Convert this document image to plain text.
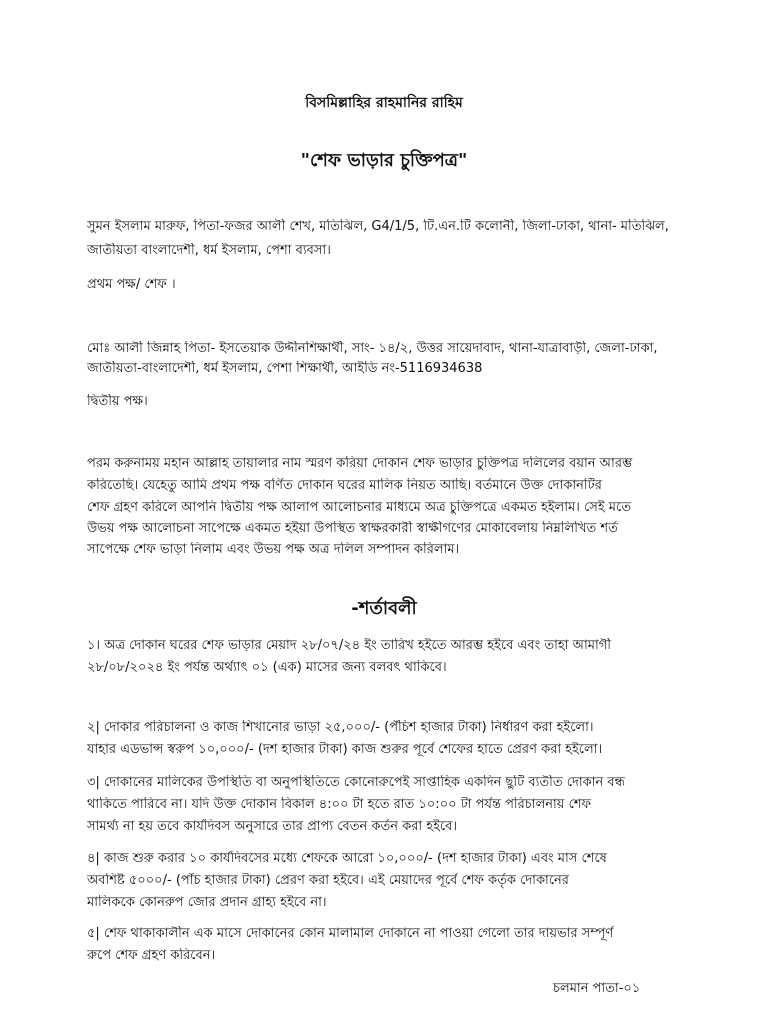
বিসমিল্লাহির রাহমানির রাহিম
"শেফ ভাড়ার চুক্তিপত্র"
সুমন ইসলাম মারুফ, পিতা-ফজর আলী শেখ, মতিঝিল, G4/1/5, টি.এন.টি কলোনী, জিলা-ঢাকা, থানা- মতিঝিল,
জাতীয়তা বাংলাদেশী, ধর্ম ইসলাম, পেশা ব্যবসা।
প্রথম পক্ষ/ শেফ ।
মোঃ আলী জিন্নাহ পিতা- ইসতেয়াক উদ্দীনশিক্ষার্থী, সাং- ১৪/২, উত্তর সায়েদাবাদ, থানা-যাত্রাবাড়ী, জেলা-ঢাকা,
জাতীয়তা-বাংলাদেশী, ধর্ম ইসলাম, পেশা শিক্ষার্থী, আইডি নং-5116934638
দ্বিতীয় পক্ষ।
পরম করুনাময় মহান আল্লাহ তায়ালার নাম স্মরণ করিয়া দোকান শেফ ভাড়ার চুক্তিপত্র দলিলের বয়ান আরম্ভ
করিতেছি। যেহেতু আমি প্রথম পক্ষ বর্ণিত দোকান ঘরের মালিক নিয়ত আছি। বর্তমানে উক্ত দোকানটির
শেফ গ্রহণ করিলে আপনি দ্বিতীয় পক্ষ আলাপ আলোচনার মাধ্যমে অত্র চুক্তিপত্রে একমত হইলাম। সেই মতে
উভয় পক্ষ আলোচনা সাপেক্ষে একমত হইয়া উপস্থিত স্বাক্ষরকারী স্বাক্ষীগণের মোকাবেলায় নিম্নলিখিত শর্ত
সাপেক্ষে শেফ ভাড়া নিলাম এবং উভয় পক্ষ অত্র দলিল সম্পাদন করিলাম।
-শর্তাবলী
১। অত্র দোকান ঘরের শেফ ভাড়ার মেয়াদ ২৮/০৭/২৪ ইং তারিখ হইতে আরম্ভ হইবে এবং তাহা আমাগী
২৮/০৮/২০২৪ ইং পর্যন্ত অর্থ্যাৎ ০১ (এক) মাসের জন্য বলবৎ থাকিবে।
২| দোকার পরিচালনা ও কাজ শিখানোর ভাড়া ২৫,০০০/- (পঁচিশ হাজার টাকা) নির্ধারণ করা হইলো।
যাহার এডভান্স স্বরুপ ১০,০০০/- (দশ হাজার টাকা) কাজ শুরুর পূর্বে শেফের হাতে প্রেরণ করা হইলো।
৩| দোকানের মালিকের উপস্থিতি বা অনুপস্থিতিতে কোনোরুপেই সাপ্তাহিক একদিন ছুটি ব্যতীত দোকান বন্ধ
থাকিতে পারিবে না। যদি উক্ত দোকান বিকাল ৪:০০ টা হতে রাত ১০:০০ টা পর্যন্ত পরিচালনায় শেফ
সামর্থ্য না হয় তবে কার্যদিবস অনুসারে তার প্রাপ্য বেতন কর্তন করা হইবে।
৪| কাজ শুরু করার ১০ কার্যদিবসের মধ্যে শেফকে আরো ১০,০০০/- (দশ হাজার টাকা) এবং মাস শেষে
অবশিষ্ট ৫০০০/- (পাঁচ হাজার টাকা) প্রেরণ করা হইবে। এই মেয়াদের পূর্বে শেফ কর্তৃক দোকানের
মালিককে কোনরুপ জোর প্রদান গ্রাহ্য হইবে না।
৫| শেফ থাকাকালীন এক মাসে দোকানের কোন মালামাল দোকানে না পাওয়া গেলো তার দায়ভার সম্পূর্ণ
রুপে শেফ গ্রহণ করিবেন।
চলমান পাতা-০১
